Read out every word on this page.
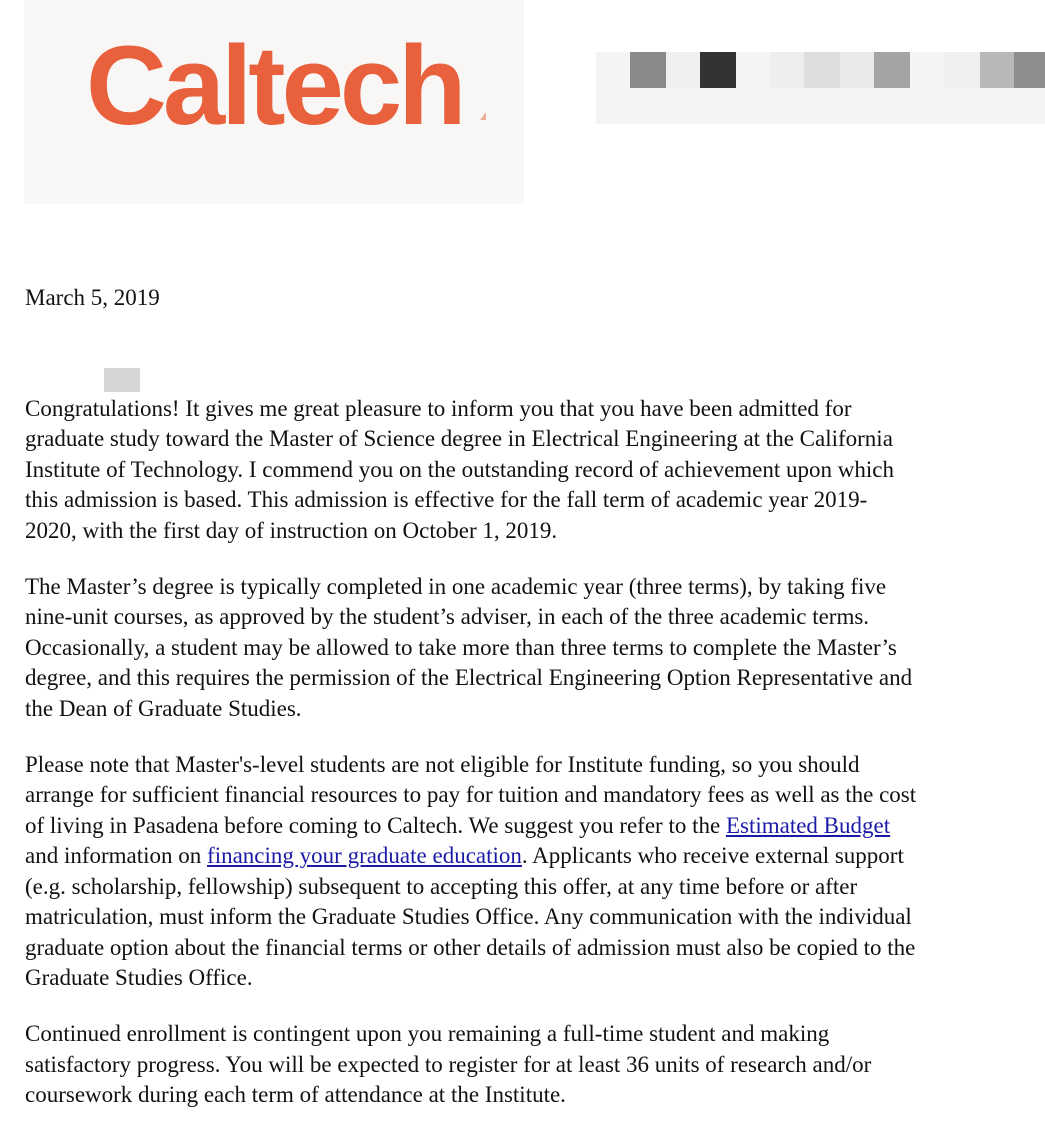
Caltech
March 5, 2019

Congratulations! It gives me great pleasure to inform you that you have been admitted for
graduate study toward the Master of Science degree in Electrical Engineering at the California
Institute of Technology. I commend you on the outstanding record of achievement upon which
this admission is based. This admission is effective for the fall term of academic year 2019-
2020, with the first day of instruction on October 1, 2019.

The Master’s degree is typically completed in one academic year (three terms), by taking five
nine-unit courses, as approved by the student’s adviser, in each of the three academic terms.
Occasionally, a student may be allowed to take more than three terms to complete the Master’s
degree, and this requires the permission of the Electrical Engineering Option Representative and
the Dean of Graduate Studies.

Please note that Master's-level students are not eligible for Institute funding, so you should
arrange for sufficient financial resources to pay for tuition and mandatory fees as well as the cost
of living in Pasadena before coming to Caltech. We suggest you refer to the Estimated Budget
and information on financing your graduate education. Applicants who receive external support
(e.g. scholarship, fellowship) subsequent to accepting this offer, at any time before or after
matriculation, must inform the Graduate Studies Office. Any communication with the individual
graduate option about the financial terms or other details of admission must also be copied to the
Graduate Studies Office.

Continued enrollment is contingent upon you remaining a full-time student and making
satisfactory progress. You will be expected to register for at least 36 units of research and/or
coursework during each term of attendance at the Institute.
